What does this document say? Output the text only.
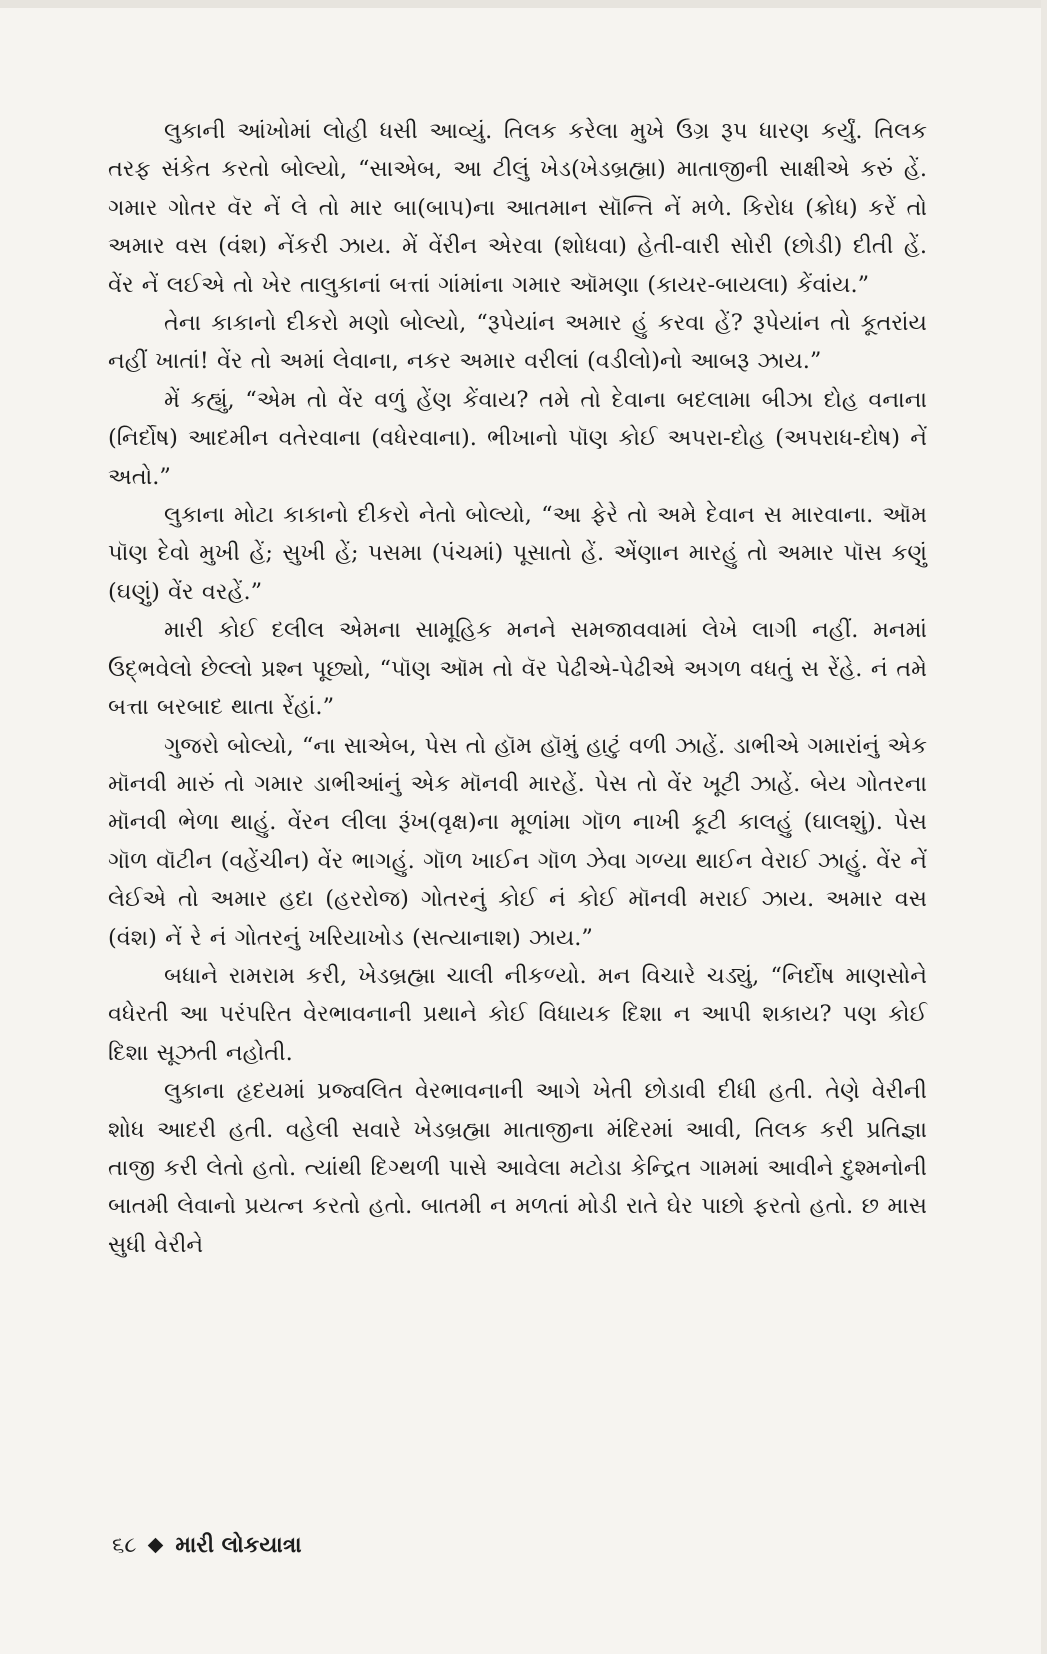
લુકાની આંખોમાં લોહી ધસી આવ્યું. તિલક કરેલા મુખે ઉગ્ર રૂપ ધારણ કર્યું. તિલક તરફ સંકેત કરતો બોલ્યો, “સાએબ, આ ટીલું ખેડ(ખેડબ્રહ્મા) માતાજીની સાક્ષીએ કરું હેં. ગમાર ગોતર વૅર નેં લે તો માર બા(બાપ)ના આતમાન સૉન્તિ નેં મળે. કિરોધ (ક્રોધ) કરેં તો અમાર વસ (વંશ) નેંકરી ઝાય. મેં વેંરીન એરવા (શોધવા) હેતી-વારી સોરી (છોડી) દીતી હેં. વેંર નેં લઈએ તો ખેર તાલુકાનાં બત્તાં ગાંમાંના ગમાર ઑમણા (કાયર-બાયલા) કેંવાંય.”

તેના કાકાનો દીકરો મણો બોલ્યો, “રૂપેયાંન અમાર હું કરવા હેં? રૂપેયાંન તો કૂતરાંય નહીં ખાતાં! વેંર તો અમાં લેવાના, નકર અમાર વરીલાં (વડીલો)નો આબરૂ ઝાય.”

મેં કહ્યું, “એમ તો વેંર વળું હેંણ કેંવાય? તમે તો દેવાના બદલામા બીઝા દોહ વનાના (નિર્દોષ) આદમીન વતેરવાના (વધેરવાના). ભીખાનો પૉણ કોઈ અપરા-દોહ (અપરાધ-દોષ) નેં અતો.”

લુકાના મોટા કાકાનો દીકરો નેતો બોલ્યો, “આ ફેરે તો અમે દેવાન સ મારવાના. ઑમ પૉણ દેવો મુખી હેં; સુખી હેં; પસમા (પંચમાં) પૂસાતો હેં. એંણાન મારહું તો અમાર પૉસ કણું (ઘણું) વેંર વરહેં.”

મારી કોઈ દલીલ એમના સામૂહિક મનને સમજાવવામાં લેખે લાગી નહીં. મનમાં ઉદ્ભવેલો છેલ્લો પ્રશ્ન પૂછ્યો, “પૉણ ઑમ તો વૅર પેઢીએ-પેઢીએ અગળ વધતું સ રેંહે. નં તમે બત્તા બરબાદ થાતા રેંહાં.”

ગુજરો બોલ્યો, “ના સાએબ, પેસ તો હૉમ હૉમું હાટું વળી ઝાહેં. ડાભીએ ગમારાંનું એક મૉનવી મારું તો ગમાર ડાભીઆંનું એક મૉનવી મારહેં. પેસ તો વેંર ખૂટી ઝાહેં. બેય ગોતરના મૉનવી ભેળા થાહું. વેંરન લીલા રૂંખ(વૃક્ષ)ના મૂળાંમા ગૉળ નાખી કૂટી કાલહું (ઘાલશું). પેસ ગૉળ વૉટીન (વહેંચીન) વેંર ભાગહું. ગૉળ ખાઈન ગૉળ ઝેવા ગળ્યા થાઈન વેરાઈ ઝાહું. વેંર નેં લેઈએ તો અમાર હદા (હરરોજ) ગોતરનું કોઈ નં કોઈ મૉનવી મરાઈ ઝાય. અમાર વસ (વંશ) નેં રે નં ગોતરનું ખરિયાખોડ (સત્યાનાશ) ઝાય.”

બધાને રામરામ કરી, ખેડબ્રહ્મા ચાલી નીકળ્યો. મન વિચારે ચડ્યું, “નિર્દોષ માણસોને વધેરતી આ પરંપરિત વેરભાવનાની પ્રથાને કોઈ વિધાયક દિશા ન આપી શકાય? પણ કોઈ દિશા સૂઝતી નહોતી.

લુકાના હૃદયમાં પ્રજ્વલિત વેરભાવનાની આગે ખેતી છોડાવી દીધી હતી. તેણે વેરીની શોધ આદરી હતી. વહેલી સવારે ખેડબ્રહ્મા માતાજીના મંદિરમાં આવી, તિલક કરી પ્રતિજ્ઞા તાજી કરી લેતો હતો. ત્યાંથી દિગ્થળી પાસે આવેલા મટોડા કેન્દ્રિત ગામમાં આવીને દુશ્મનોની બાતમી લેવાનો પ્રયત્ન કરતો હતો. બાતમી ન મળતાં મોડી રાતે ઘેર પાછો ફરતો હતો. છ માસ સુધી વેરીને

૬૮ મારી લોકયાત્રા
